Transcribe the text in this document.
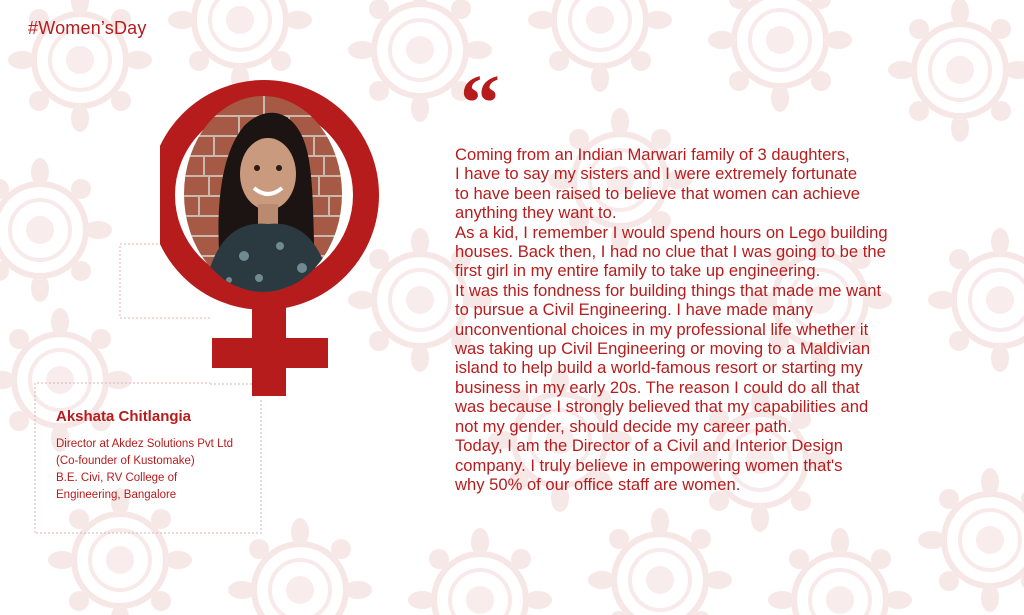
#Women’sDay
Akshata Chitlangia
Director at Akdez Solutions Pvt Ltd
(Co-founder of Kustomake)
B.E. Civi, RV College of
Engineering, Bangalore
“
Coming from an Indian Marwari family of 3 daughters,
I have to say my sisters and I were extremely fortunate
to have been raised to believe that women can achieve
anything they want to.
As a kid, I remember I would spend hours on Lego building
houses. Back then, I had no clue that I was going to be the
first girl in my entire family to take up engineering.
It was this fondness for building things that made me want
to pursue a Civil Engineering. I have made many
unconventional choices in my professional life whether it
was taking up Civil Engineering or moving to a Maldivian
island to help build a world-famous resort or starting my
business in my early 20s. The reason I could do all that
was because I strongly believed that my capabilities and
not my gender, should decide my career path.
Today, I am the Director of a Civil and Interior Design
company. I truly believe in empowering women that's
why 50% of our office staff are women.
